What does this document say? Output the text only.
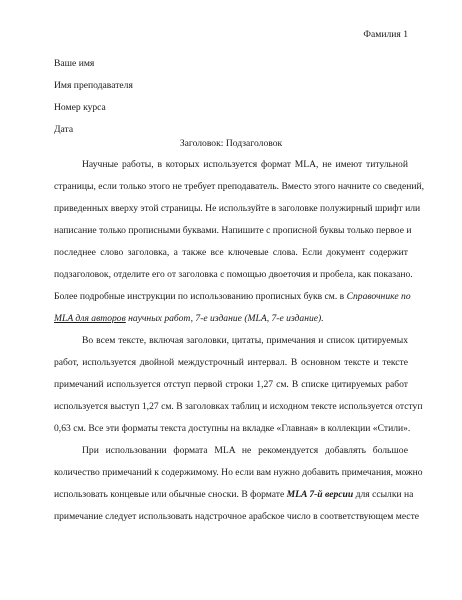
Фамилия 1
Ваше имя
Имя преподавателя
Номер курса
Дата
Заголовок: Подзаголовок
Научные работы, в которых используется формат MLA, не имеют титульной
страницы, если только этого не требует преподаватель. Вместо этого начните со сведений,
приведенных вверху этой страницы. Не используйте в заголовке полужирный шрифт или
написание только прописными буквами. Напишите с прописной буквы только первое и
последнее слово заголовка, а также все ключевые слова. Если документ содержит
подзаголовок, отделите его от заголовка с помощью двоеточия и пробела, как показано.
Более подробные инструкции по использованию прописных букв см. в Справочнике по
MLA для авторов научных работ, 7-е издание (MLA, 7-е издание).
Во всем тексте, включая заголовки, цитаты, примечания и список цитируемых
работ, используется двойной междустрочный интервал. В основном тексте и тексте
примечаний используется отступ первой строки 1,27 см. В списке цитируемых работ
используется выступ 1,27 см. В заголовках таблиц и исходном тексте используется отступ
0,63 см. Все эти форматы текста доступны на вкладке «Главная» в коллекции «Стили».
При использовании формата MLA не рекомендуется добавлять большое
количество примечаний к содержимому. Но если вам нужно добавить примечания, можно
использовать концевые или обычные сноски. В формате MLA 7-й версии для ссылки на
примечание следует использовать надстрочное арабское число в соответствующем месте
